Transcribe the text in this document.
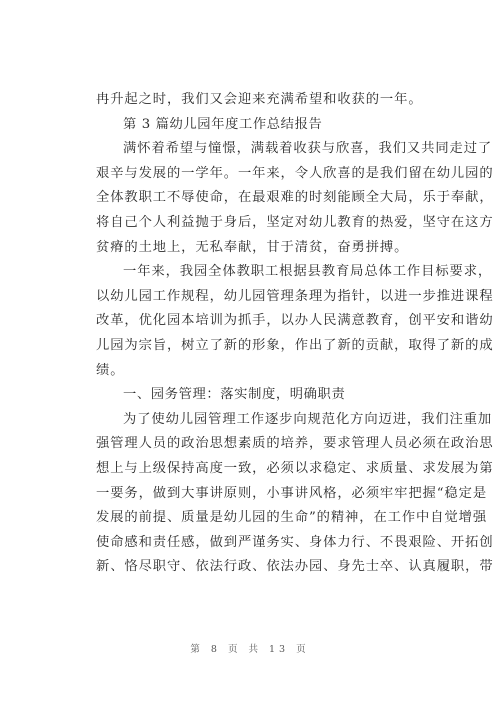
冉升起之时，我们又会迎来充满希望和收获的一年。
第 3 篇幼儿园年度工作总结报告
满怀着希望与憧憬，满载着收获与欣喜，我们又共同走过了
艰辛与发展的一学年。一年来，令人欣喜的是我们留在幼儿园的
全体教职工不辱使命，在最艰难的时刻能顾全大局，乐于奉献，
将自己个人利益抛于身后，坚定对幼儿教育的热爱，坚守在这方
贫瘠的土地上，无私奉献，甘于清贫，奋勇拼搏。
一年来，我园全体教职工根据县教育局总体工作目标要求，
以幼儿园工作规程，幼儿园管理条理为指针，以进一步推进课程
改革，优化园本培训为抓手，以办人民满意教育，创平安和谐幼
儿园为宗旨，树立了新的形象，作出了新的贡献，取得了新的成
绩。
一、园务管理：落实制度，明确职责
为了使幼儿园管理工作逐步向规范化方向迈进，我们注重加
强管理人员的政治思想素质的培养，要求管理人员必须在政治思
想上与上级保持高度一致，必须以求稳定、求质量、求发展为第
一要务，做到大事讲原则，小事讲风格，必须牢牢把握“稳定是
发展的前提、质量是幼儿园的生命”的精神，在工作中自觉增强
使命感和责任感，做到严谨务实、身体力行、不畏艰险、开拓创
新、恪尽职守、依法行政、依法办园、身先士卒、认真履职，带
第 8 页 共 13 页
